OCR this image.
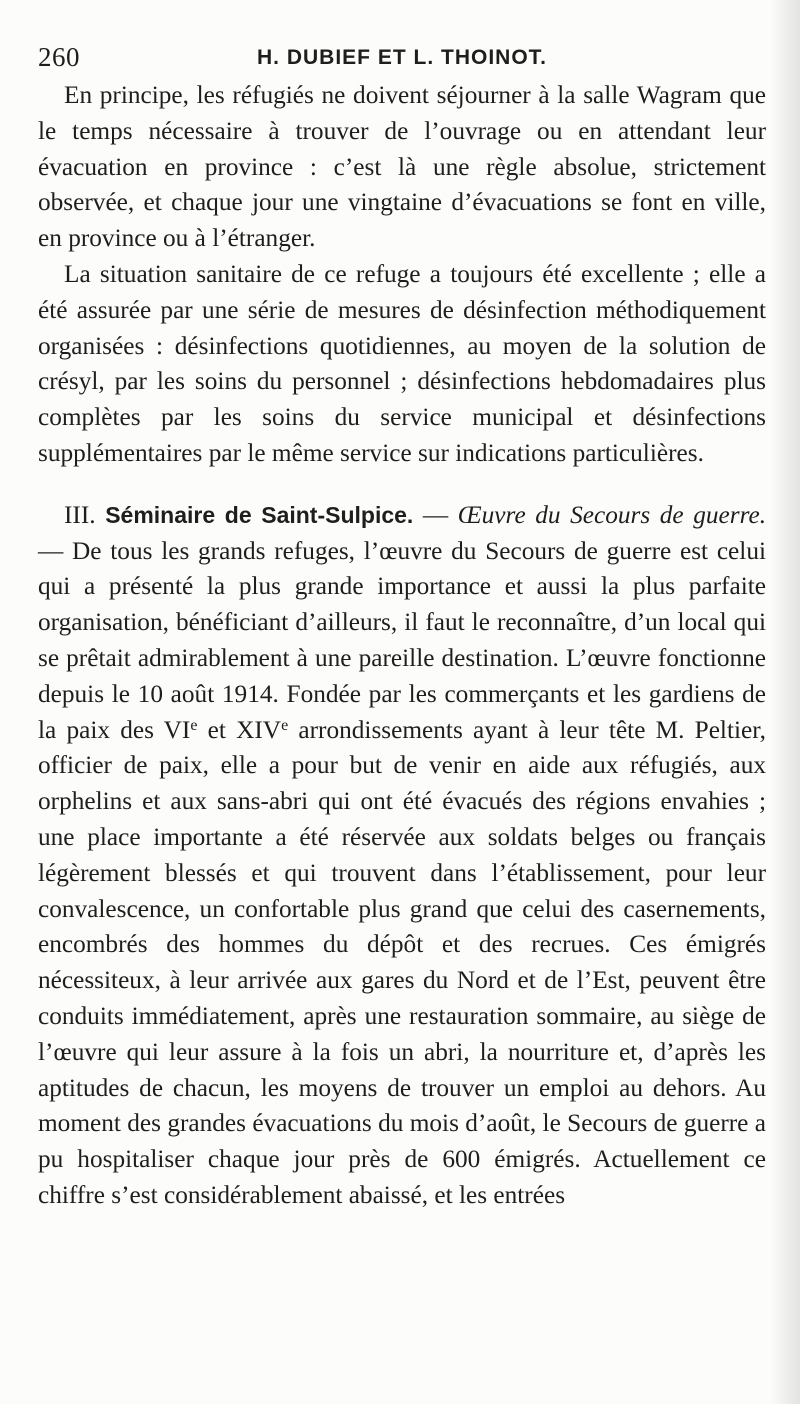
260	H. DUBIEF ET L. THOINOT.

En principe, les réfugiés ne doivent séjourner à la salle Wagram que le temps nécessaire à trouver de l’ouvrage ou en attendant leur évacuation en province : c’est là une règle absolue, strictement observée, et chaque jour une vingtaine d’évacuations se font en ville, en province ou à l’étranger.

La situation sanitaire de ce refuge a toujours été excellente ; elle a été assurée par une série de mesures de désinfection méthodiquement organisées : désinfections quotidiennes, au moyen de la solution de crésyl, par les soins du personnel ; désinfections hebdomadaires plus complètes par les soins du service municipal et désinfections supplémentaires par le même service sur indications particulières.

III. Séminaire de Saint-Sulpice. — Œuvre du Secours de guerre. — De tous les grands refuges, l’œuvre du Secours de guerre est celui qui a présenté la plus grande importance et aussi la plus parfaite organisation, bénéficiant d’ailleurs, il faut le reconnaître, d’un local qui se prêtait admirablement à une pareille destination. L’œuvre fonctionne depuis le 10 août 1914. Fondée par les commerçants et les gardiens de la paix des VIe et XIVe arrondissements ayant à leur tête M. Peltier, officier de paix, elle a pour but de venir en aide aux réfugiés, aux orphelins et aux sans-abri qui ont été évacués des régions envahies ; une place importante a été réservée aux soldats belges ou français légèrement blessés et qui trouvent dans l’établissement, pour leur convalescence, un confortable plus grand que celui des casernements, encombrés des hommes du dépôt et des recrues. Ces émigrés nécessiteux, à leur arrivée aux gares du Nord et de l’Est, peuvent être conduits immédiatement, après une restauration sommaire, au siège de l’œuvre qui leur assure à la fois un abri, la nourriture et, d’après les aptitudes de chacun, les moyens de trouver un emploi au dehors. Au moment des grandes évacuations du mois d’août, le Secours de guerre a pu hospitaliser chaque jour près de 600 émigrés. Actuellement ce chiffre s’est considérablement abaissé, et les entrées
